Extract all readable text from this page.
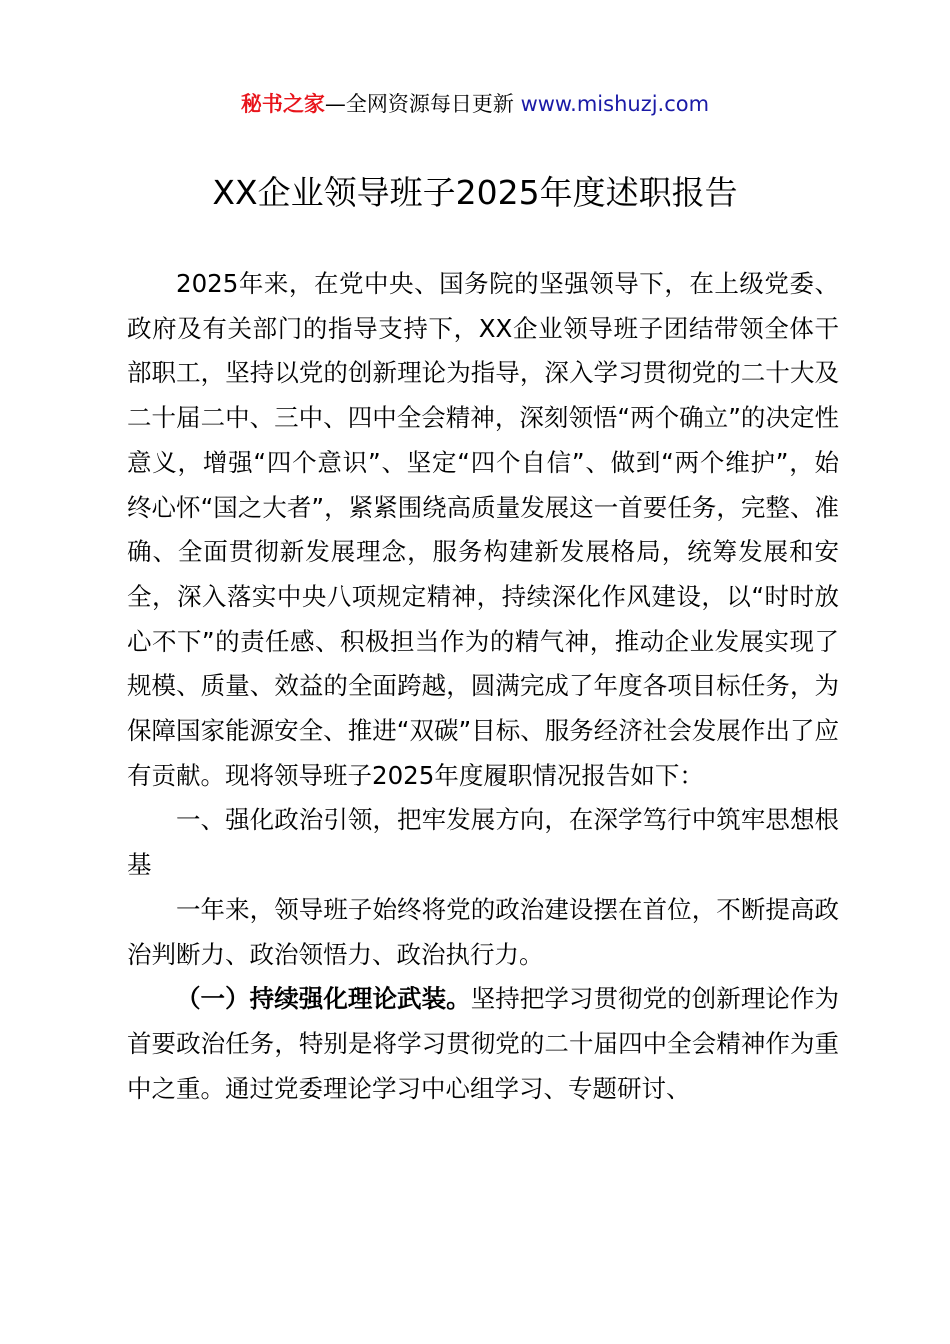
秘书之家—全网资源每日更新 www.mishuzj.com
XX企业领导班子2025年度述职报告

2025年来，在党中央、国务院的坚强领导下，在上级党委、政府及有关部门的指导支持下，XX企业领导班子团结带领全体干部职工，坚持以党的创新理论为指导，深入学习贯彻党的二十大及二十届二中、三中、四中全会精神，深刻领悟“两个确立”的决定性意义，增强“四个意识”、坚定“四个自信”、做到“两个维护”，始终心怀“国之大者”，紧紧围绕高质量发展这一首要任务，完整、准确、全面贯彻新发展理念，服务构建新发展格局，统筹发展和安全，深入落实中央八项规定精神，持续深化作风建设，以“时时放心不下”的责任感、积极担当作为的精气神，推动企业发展实现了规模、质量、效益的全面跨越，圆满完成了年度各项目标任务，为保障国家能源安全、推进“双碳”目标、服务经济社会发展作出了应有贡献。现将领导班子2025年度履职情况报告如下：

一、强化政治引领，把牢发展方向，在深学笃行中筑牢思想根基

一年来，领导班子始终将党的政治建设摆在首位，不断提高政治判断力、政治领悟力、政治执行力。

（一）持续强化理论武装。坚持把学习贯彻党的创新理论作为首要政治任务，特别是将学习贯彻党的二十届四中全会精神作为重中之重。通过党委理论学习中心组学习、专题研讨、
